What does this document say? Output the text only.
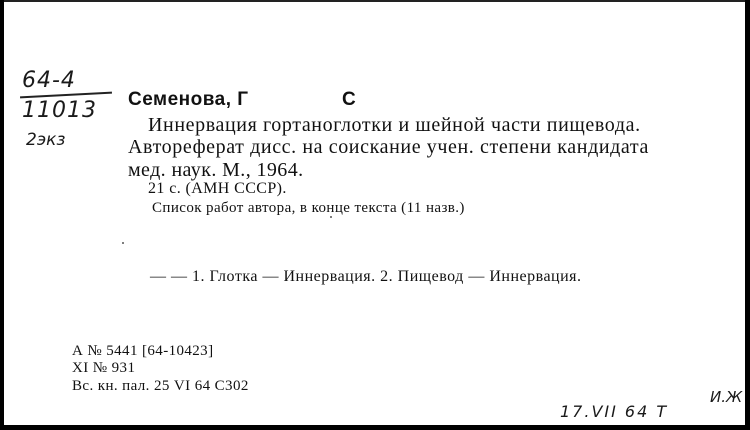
64-4
11013
2экз
Семенова, Г	С
Иннервация гортаноглотки и шейной части пищевода.
Автореферат дисс. на соискание учен. степени кандидата
мед. наук. М., 1964.
21 с. (АМН СССР).
Список работ автора, в конце текста (11 назв.)
— — 1. Глотка — Иннервация. 2. Пищевод — Иннервация.
А № 5441 [64-10423]
XI № 931
Вс. кн. пал. 25 VI 64 С302
17.VII 64 Т
И.Ж
